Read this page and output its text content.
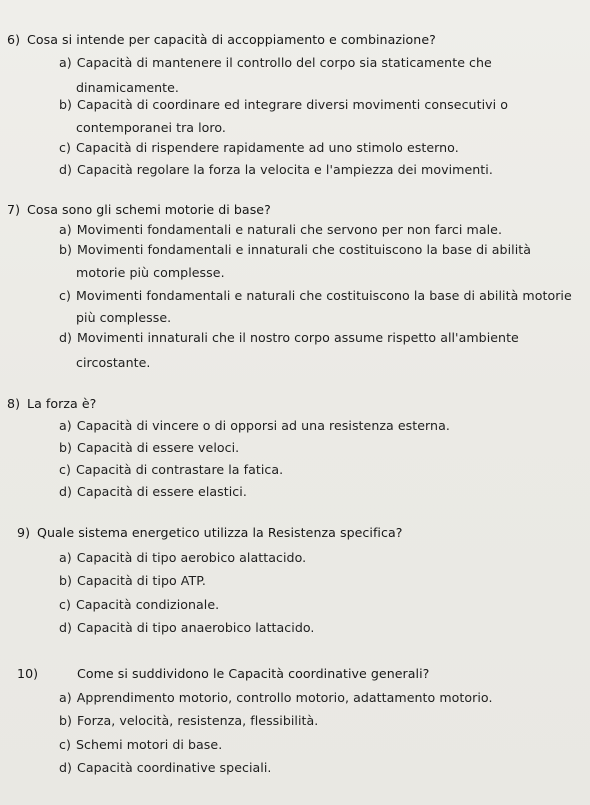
6) Cosa si intende per capacità di accoppiamento e combinazione?
a) Capacità di mantenere il controllo del corpo sia staticamente che
dinamicamente.
b) Capacità di coordinare ed integrare diversi movimenti consecutivi o
contemporanei tra loro.
c) Capacità di rispendere rapidamente ad uno stimolo esterno.
d) Capacità regolare la forza la velocita e l'ampiezza dei movimenti.
7) Cosa sono gli schemi motorie di base?
a) Movimenti fondamentali e naturali che servono per non farci male.
b) Movimenti fondamentali e innaturali che costituiscono la base di abilità
motorie più complesse.
c) Movimenti fondamentali e naturali che costituiscono la base di abilità motorie
più complesse.
d) Movimenti innaturali che il nostro corpo assume rispetto all'ambiente
circostante.
8) La forza è?
a) Capacità di vincere o di opporsi ad una resistenza esterna.
b) Capacità di essere veloci.
c) Capacità di contrastare la fatica.
d) Capacità di essere elastici.
9) Quale sistema energetico utilizza la Resistenza specifica?
a) Capacità di tipo aerobico alattacido.
b) Capacità di tipo ATP.
c) Capacità condizionale.
d) Capacità di tipo anaerobico lattacido.
10)	Come si suddividono le Capacità coordinative generali?
a) Apprendimento motorio, controllo motorio, adattamento motorio.
b) Forza, velocità, resistenza, flessibilità.
c) Schemi motori di base.
d) Capacità coordinative speciali.
